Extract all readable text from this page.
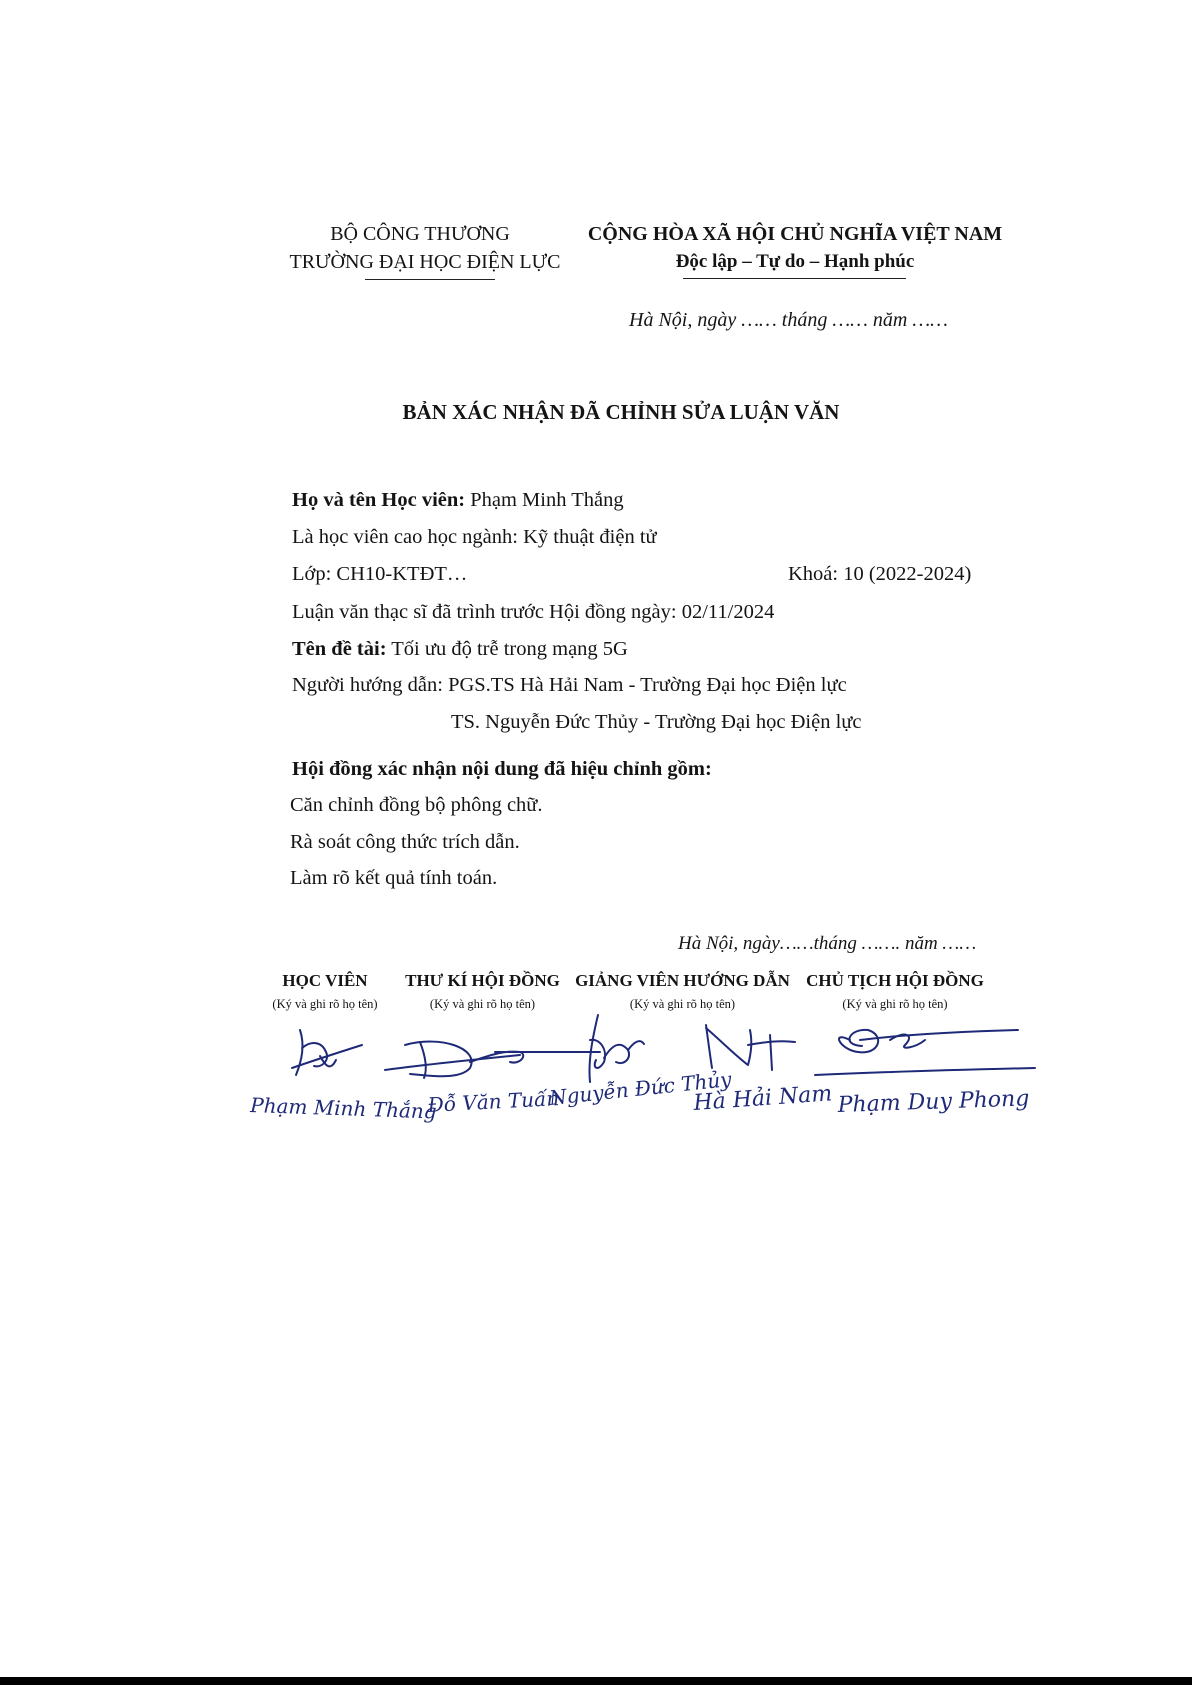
BỘ CÔNG THƯƠNG
TRƯỜNG ĐẠI HỌC ĐIỆN LỰC
CỘNG HÒA XÃ HỘI CHỦ NGHĨA VIỆT NAM
Độc lập – Tự do – Hạnh phúc
Hà Nội, ngày …… tháng …… năm ……
BẢN XÁC NHẬN ĐÃ CHỈNH SỬA LUẬN VĂN
Họ và tên Học viên: Phạm Minh Thắng
Là học viên cao học ngành: Kỹ thuật điện tử
Lớp: CH10-KTĐT…	Khoá: 10 (2022-2024)
Luận văn thạc sĩ đã trình trước Hội đồng ngày: 02/11/2024
Tên đề tài: Tối ưu độ trễ trong mạng 5G
Người hướng dẫn: PGS.TS Hà Hải Nam - Trường Đại học Điện lực
TS. Nguyễn Đức Thủy - Trường Đại học Điện lực
Hội đồng xác nhận nội dung đã hiệu chỉnh gồm:
Căn chỉnh đồng bộ phông chữ.
Rà soát công thức trích dẫn.
Làm rõ kết quả tính toán.
Hà Nội, ngày……tháng ……. năm ……
HỌC VIÊN
(Ký và ghi rõ họ tên)
THƯ KÍ HỘI ĐỒNG
(Ký và ghi rõ họ tên)
GIẢNG VIÊN HƯỚNG DẪN
(Ký và ghi rõ họ tên)
CHỦ TỊCH HỘI ĐỒNG
(Ký và ghi rõ họ tên)
Phạm Minh Thắng
Đỗ Văn Tuấn
Nguyễn Đức Thủy	Phạm Duy Phong
Hà Hải Nam
